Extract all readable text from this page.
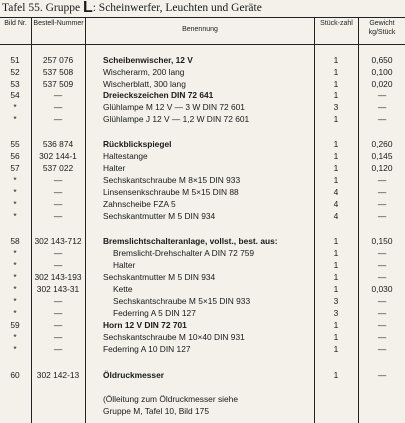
Tafel 55. Gruppe L: Scheinwerfer, Leuchten und Geräte
Bild Nr. Bestell-Nummer
Benennung
Stück-zahl	Gewicht kg/Stück
51	257 076	Scheibenwischer, 12 V	1	0,650
52	537 508	Wischerarm, 200 lang	1	0,100
53	537 509	Wischerblatt, 300 lang	1	0,020
54	—	Dreieckszeichen DIN 72 641	1	—
*	—	Glühlampe M 12 V — 3 W DIN 72 601	3	—
*	—	Glühlampe J 12 V — 1,2 W DIN 72 601	1	—
55	536 874	Rückblickspiegel	1	0,260
56	302 144-1	Haltestange	1	0,145
57	537 022	Halter	1	0,120
*	—	Sechskantschraube M 8×15 DIN 933	1	—
*	—	Linsensenkschraube M 5×15 DIN 88	4	—
*	—	Zahnscheibe FZA 5	4	—
*	—	Sechskantmutter M 5 DIN 934	4	—
58	302 143-712	Bremslichtschalteranlage, vollst., best. aus:	1	0,150
*	—	Bremslicht-Drehschalter A DIN 72 759	1	—
*	—	Halter	1	—
*	302 143-193	Sechskantmutter M 5 DIN 934	1	—
*	302 143-31	Kette	1	0,030
*	—	Sechskantschraube M 5×15 DIN 933	3	—
*	—	Federring A 5 DIN 127	3	—
59	—	Horn 12 V DIN 72 701	1	—
*	—	Sechskantschraube M 10×40 DIN 931	1	—
*	—	Federring A 10 DIN 127	1	—
60	302 142-13	Öldruckmesser	1	—
(Ölleitung zum Öldruckmesser siehe
Gruppe M, Tafel 10, Bild 175
